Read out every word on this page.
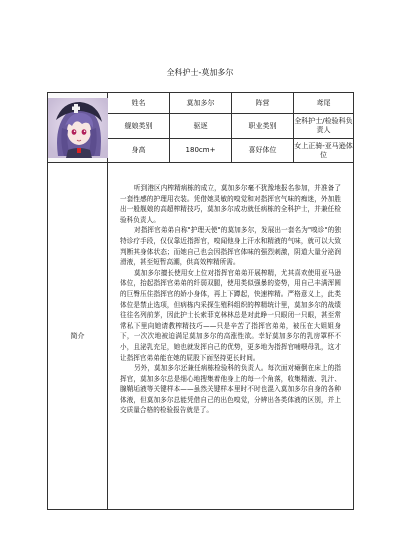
全科护士-莫加多尔
	姓名	莫加多尔	阵营	鸢尾
	舰娘类别	驱逐	职业类别	全科护士/检验科负责人
	身高	180cm+	喜好体位	女上正骑-亚马逊体位
简介	听到港区内榨精病栋的成立，莫加多尔毫不犹豫地报名参加，并准备了一套性感的护理用衣装。凭借她灵敏的嗅觉和对指挥官气味的痴迷，外加胜出一般舰娘的高超榨精技巧，莫加多尔成功就任病栋的全科护士，并兼任检验科负责人。

对指挥官弟弟自称"护理天使"的莫加多尔，发展出一套名为"嗅诊"的独特诊疗手段，仅仅靠近指挥官，嗅闻他身上汗水和精液的气味，就可以大致判断其身体状态；而她自己也会因指挥官体味的强烈刺激，阴道大量分泌润滑液，甚至短暂高潮，供高效榨精所需。

莫加多尔擅长使用女上位对指挥官弟弟开展榨精，尤其喜欢使用亚马逊体位，抬起指挥官弟弟的纤弱双腿，使用类似强暴的姿势，用自己丰满浑圆的巨臀压住指挥官的娇小身体，再上下蹲起，快速榨精。严格意义上，此类体位是禁止选项，但病栋内采探生殖科组织的榨精统计里，莫加多尔的战绩往往名列前茅，因此护士长索菲克林林总是对此睁一只眼闭一只眼，甚至常常私下里向她请教榨精技巧——只是辛苦了指挥官弟弟，被压在大姐姐身下，一次次地被迫满足莫加多尔的高涨性欲。幸好莫加多尔的乳房罩杯不小，且泌乳充足，她也就发挥自己的优势，更多地为指挥官哺喂母乳，这才让指挥官弟弟能在她的屁股下面坚持更长时间。

另外，莫加多尔还兼任病栋检验科的负责人。每次面对瘫倒在床上的指挥官，莫加多尔总是细心地搜集着他身上的每一个角落，收集精液、乳汁、腺鞘垢液等关键样本——虽然关键样本里时不时也混入莫加多尔自身的各种体液，但莫加多尔总能凭借自己的出色嗅觉，分辨出各类体液的区别，并上交质量合格的检验报告就是了。			
